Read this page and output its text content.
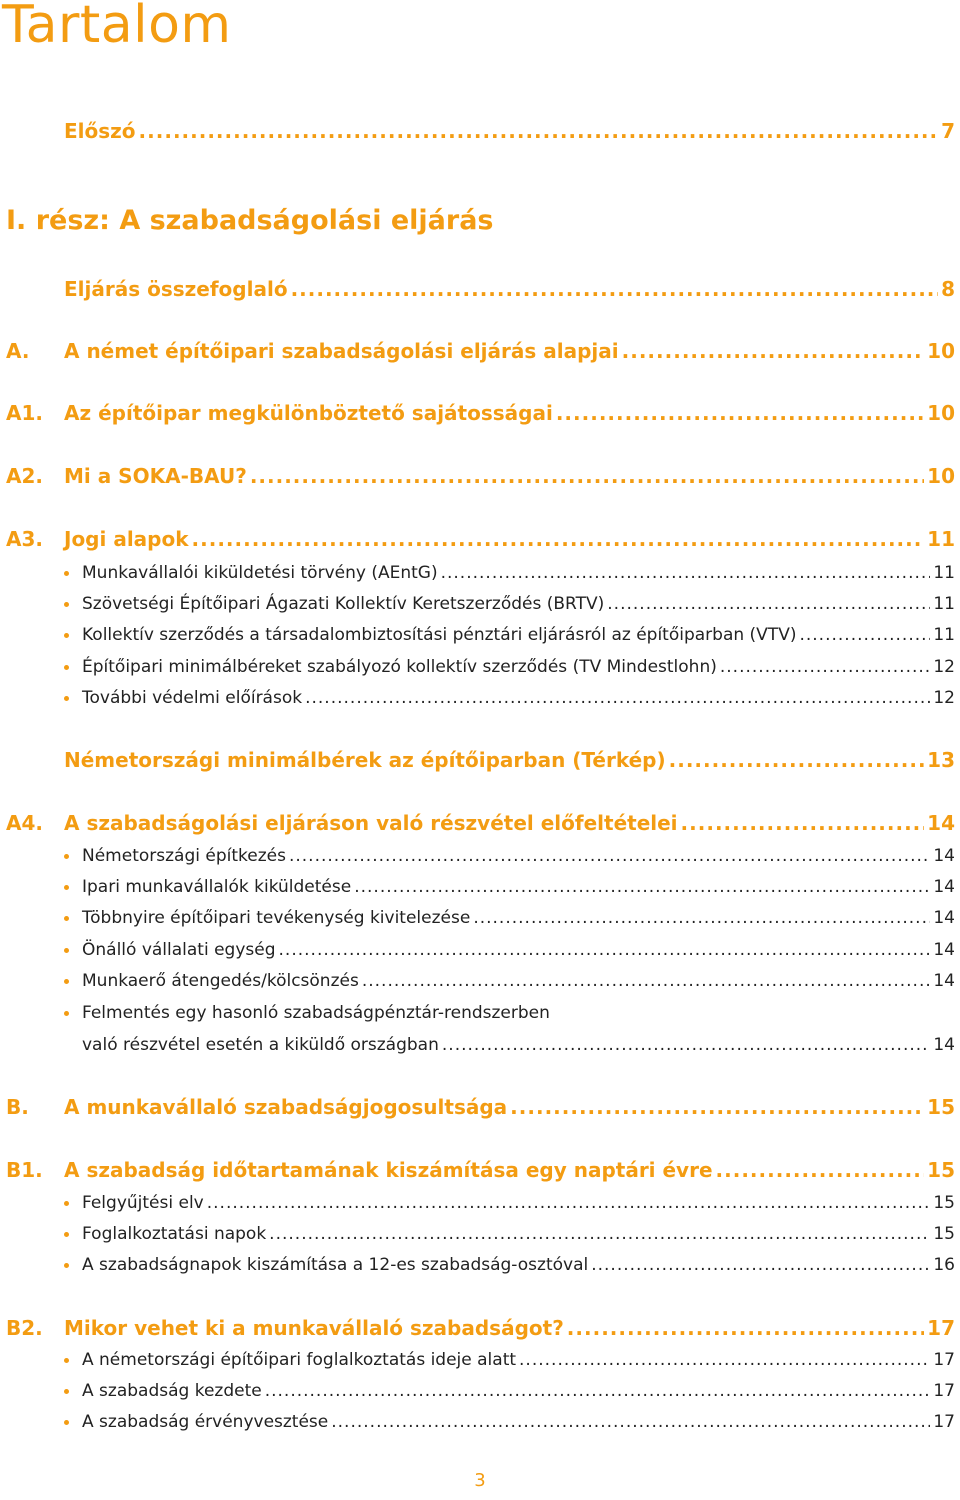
Tartalom
I. rész: A szabadságolási eljárás
Előszó .....	7
Eljárás összefoglaló .....	8
A. A német építőipari szabadságolási eljárás alapjai .....	10
A1. Az építőipar megkülönböztető sajátosságai .....	10
A2. Mi a SOKA-BAU? .....	10
A3. Jogi alapok .....	11
Munkavállalói kiküldetési törvény (AEntG) .....	11
Szövetségi Építőipari Ágazati Kollektív Keretszerződés (BRTV) .....	11
Kollektív szerződés a társadalombiztosítási pénztári eljárásról az építőiparban (VTV) .....	11
Építőipari minimálbéreket szabályozó kollektív szerződés (TV Mindestlohn) .....	12
További védelmi előírások .....	12
Németországi minimálbérek az építőiparban (Térkép) .....	13
A4. A szabadságolási eljáráson való részvétel előfeltételei .....	14
Németországi építkezés .....	14
Ipari munkavállalók kiküldetése .....	14
Többnyire építőipari tevékenység kivitelezése .....	14
Önálló vállalati egység .....	14
Munkaerő átengedés/kölcsönzés .....	14
Felmentés egy hasonló szabadságpénztár-rendszerben
való részvétel esetén a kiküldő országban .....	14
B. A munkavállaló szabadságjogosultsága .....	15
B1. A szabadság időtartamának kiszámítása egy naptári évre .....	15
Felgyűjtési elv .....	15
Foglalkoztatási napok .....	15
A szabadságnapok kiszámítása a 12-es szabadság-osztóval .....	16
B2. Mikor vehet ki a munkavállaló szabadságot? .....	17
A németországi építőipari foglalkoztatás ideje alatt .....	17
A szabadság kezdete .....	17
A szabadság érvényvesztése .....	17
3
